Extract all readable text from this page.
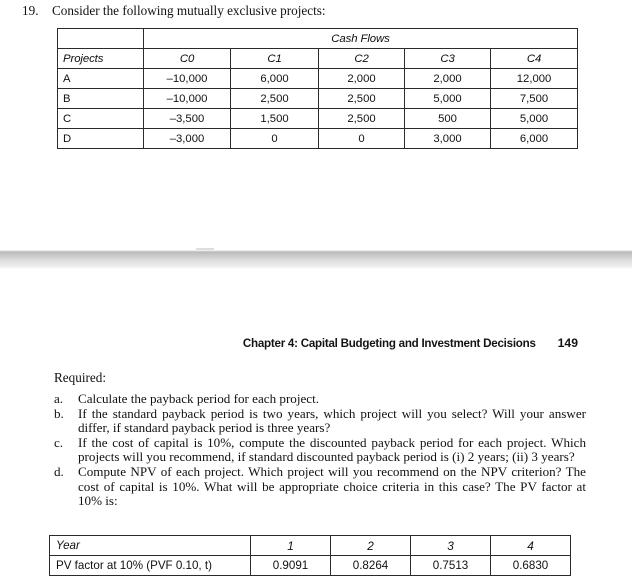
19. Consider the following mutually exclusive projects:
	Cash Flows				
Projects	C0	C1	C2	C3	C4
A	–10,000	6,000	2,000	2,000	12,000
B	–10,000	2,500	2,500	5,000	7,500
C	–3,500	1,500	2,500	500	5,000
D	–3,000	0	0	3,000	6,000
Chapter 4: Capital Budgeting and Investment Decisions 149
Required:
a. Calculate the payback period for each project.
b. If the standard payback period is two years, which project will you select? Will your answer differ, if standard payback period is three years?
c. If the cost of capital is 10%, compute the discounted payback period for each project. Which projects will you recommend, if standard discounted payback period is (i) 2 years; (ii) 3 years?
d. Compute NPV of each project. Which project will you recommend on the NPV criterion? The cost of capital is 10%. What will be appropriate choice criteria in this case? The PV factor at 10% is:
Year	1	2	3	4
PV factor at 10% (PVF 0.10, t)	0.9091	0.8264	0.7513	0.6830
